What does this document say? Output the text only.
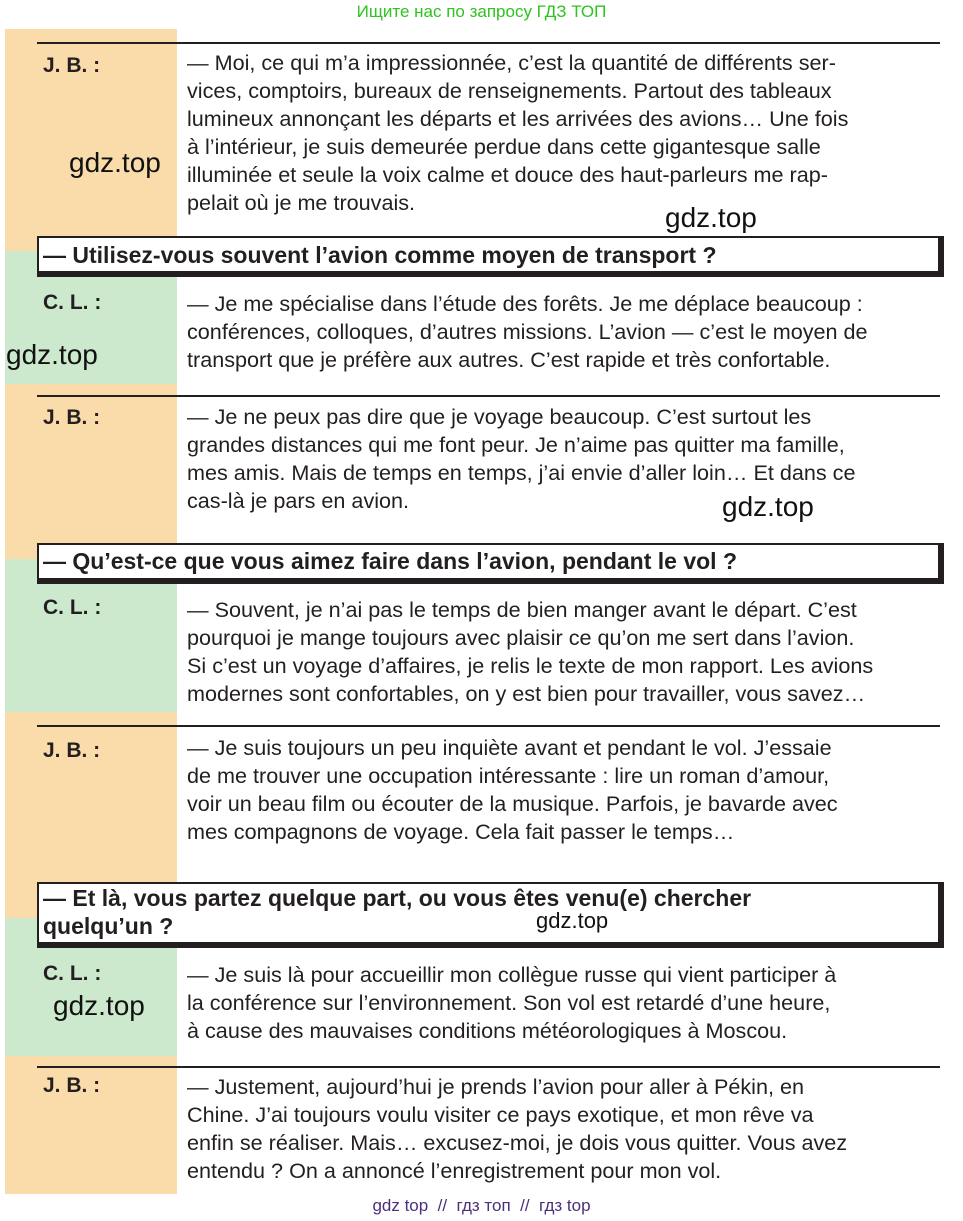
Ищите нас по запросу ГДЗ ТОП
J. B. :	— Moi, ce qui m’a impressionnée, c’est la quantité de différents ser-
vices, comptoirs, bureaux de renseignements. Partout des tableaux
lumineux annonçant les départs et les arrivées des avions… Une fois
à l’intérieur, je suis demeurée perdue dans cette gigantesque salle
illuminée et seule la voix calme et douce des haut-parleurs me rap-
pelait où je me trouvais.
— Utilisez-vous souvent l’avion comme moyen de transport ?
C. L. :	— Je me spécialise dans l’étude des forêts. Je me déplace beaucoup :
conférences, colloques, d’autres missions. L’avion — c’est le moyen de
transport que je préfère aux autres. C’est rapide et très confortable.
J. B. :	— Je ne peux pas dire que je voyage beaucoup. C’est surtout les
grandes distances qui me font peur. Je n’aime pas quitter ma famille,
mes amis. Mais de temps en temps, j’ai envie d’aller loin… Et dans ce
cas-là je pars en avion.
— Qu’est-ce que vous aimez faire dans l’avion, pendant le vol ?
C. L. :	— Souvent, je n’ai pas le temps de bien manger avant le départ. C’est
pourquoi je mange toujours avec plaisir ce qu’on me sert dans l’avion.
Si c’est un voyage d’affaires, je relis le texte de mon rapport. Les avions
modernes sont confortables, on y est bien pour travailler, vous savez…
J. B. :	— Je suis toujours un peu inquiète avant et pendant le vol. J’essaie
de me trouver une occupation intéressante : lire un roman d’amour,
voir un beau film ou écouter de la musique. Parfois, je bavarde avec
mes compagnons de voyage. Cela fait passer le temps…
— Et là, vous partez quelque part, ou vous êtes venu(e) chercher
quelqu’un ?
C. L. :	— Je suis là pour accueillir mon collègue russe qui vient participer à
la conférence sur l’environnement. Son vol est retardé d’une heure,
à cause des mauvaises conditions météorologiques à Moscou.
J. B. :	— Justement, aujourd’hui je prends l’avion pour aller à Pékin, en
Chine. J’ai toujours voulu visiter ce pays exotique, et mon rêve va
enfin se réaliser. Mais… excusez-moi, je dois vous quitter. Vous avez
entendu ? On a annoncé l’enregistrement pour mon vol.
gdz.top
gdz.top
gdz.top
gdz.top
gdz.top
gdz.top
gdz top  //  гдз топ  //  гдз top
